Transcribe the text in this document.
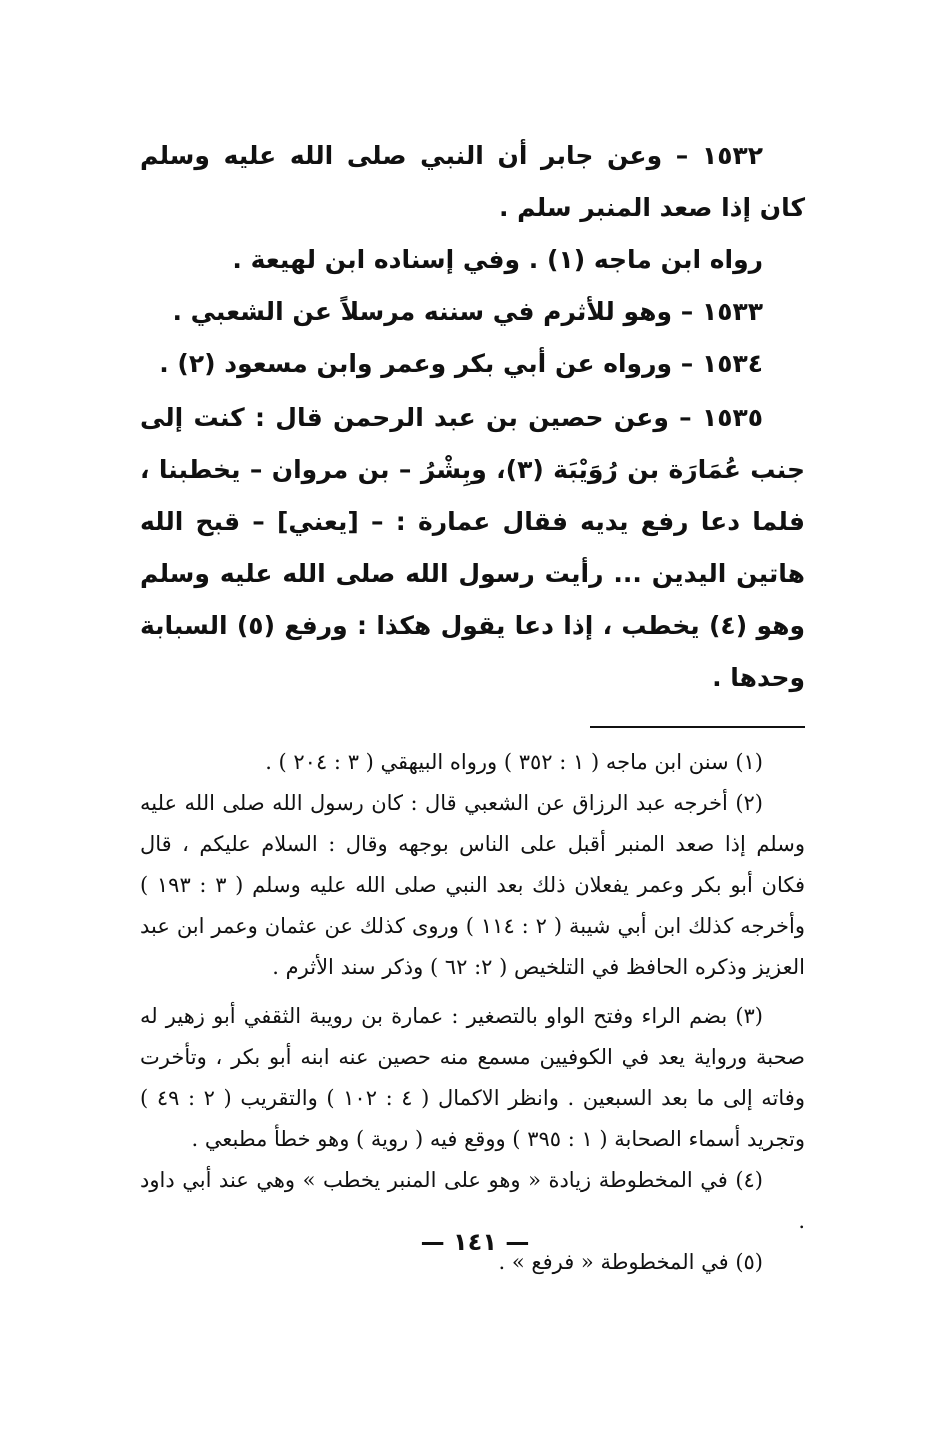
١٥٣٢ – وعن جابر أن النبي صلى الله عليه وسلم كان إذا صعد المنبر سلم .

رواه ابن ماجه (١) . وفي إسناده ابن لهيعة .

١٥٣٣ – وهو للأثرم في سننه مرسلاً عن الشعبي .

١٥٣٤ – ورواه عن أبي بكر وعمر وابن مسعود (٢) .

١٥٣٥ – وعن حصين بن عبد الرحمن قال : كنت إلى جنب عُمَارَة بن رُوَيْبَة (٣)، وبِشْرُ – بن مروان – يخطبنا ، فلما دعا رفع يديه فقال عمارة : – [يعني] – قبح الله هاتين اليدين ... رأيت رسول الله صلى الله عليه وسلم وهو (٤) يخطب ، إذا دعا يقول هكذا : ورفع (٥) السبابة وحدها .

(١) سنن ابن ماجه ( ١ : ٣٥٢ ) ورواه البيهقي ( ٣ : ٢٠٤ ) .

(٢) أخرجه عبد الرزاق عن الشعبي قال : كان رسول الله صلى الله عليه وسلم إذا صعد المنبر أقبل على الناس بوجهه وقال : السلام عليكم ، قال فكان أبو بكر وعمر يفعلان ذلك بعد النبي صلى الله عليه وسلم ( ٣ : ١٩٣ ) وأخرجه كذلك ابن أبي شيبة ( ٢ : ١١٤ ) وروى كذلك عن عثمان وعمر ابن عبد العزيز وذكره الحافظ في التلخيص ( ٢: ٦٢ ) وذكر سند الأثرم .

(٣) بضم الراء وفتح الواو بالتصغير : عمارة بن رويبة الثقفي أبو زهير له صحبة ورواية يعد في الكوفيين مسمع منه حصين عنه ابنه أبو بكر ، وتأخرت وفاته إلى ما بعد السبعين . وانظر الاكمال ( ٤ : ١٠٢ ) والتقريب ( ٢ : ٤٩ ) وتجريد أسماء الصحابة ( ١ : ٣٩٥ ) ووقع فيه ( روية ) وهو خطأ مطبعي .

(٤) في المخطوطة زيادة « وهو على المنبر يخطب » وهي عند أبي داود .

(٥) في المخطوطة « فرفع » .

— ١٤١ —
